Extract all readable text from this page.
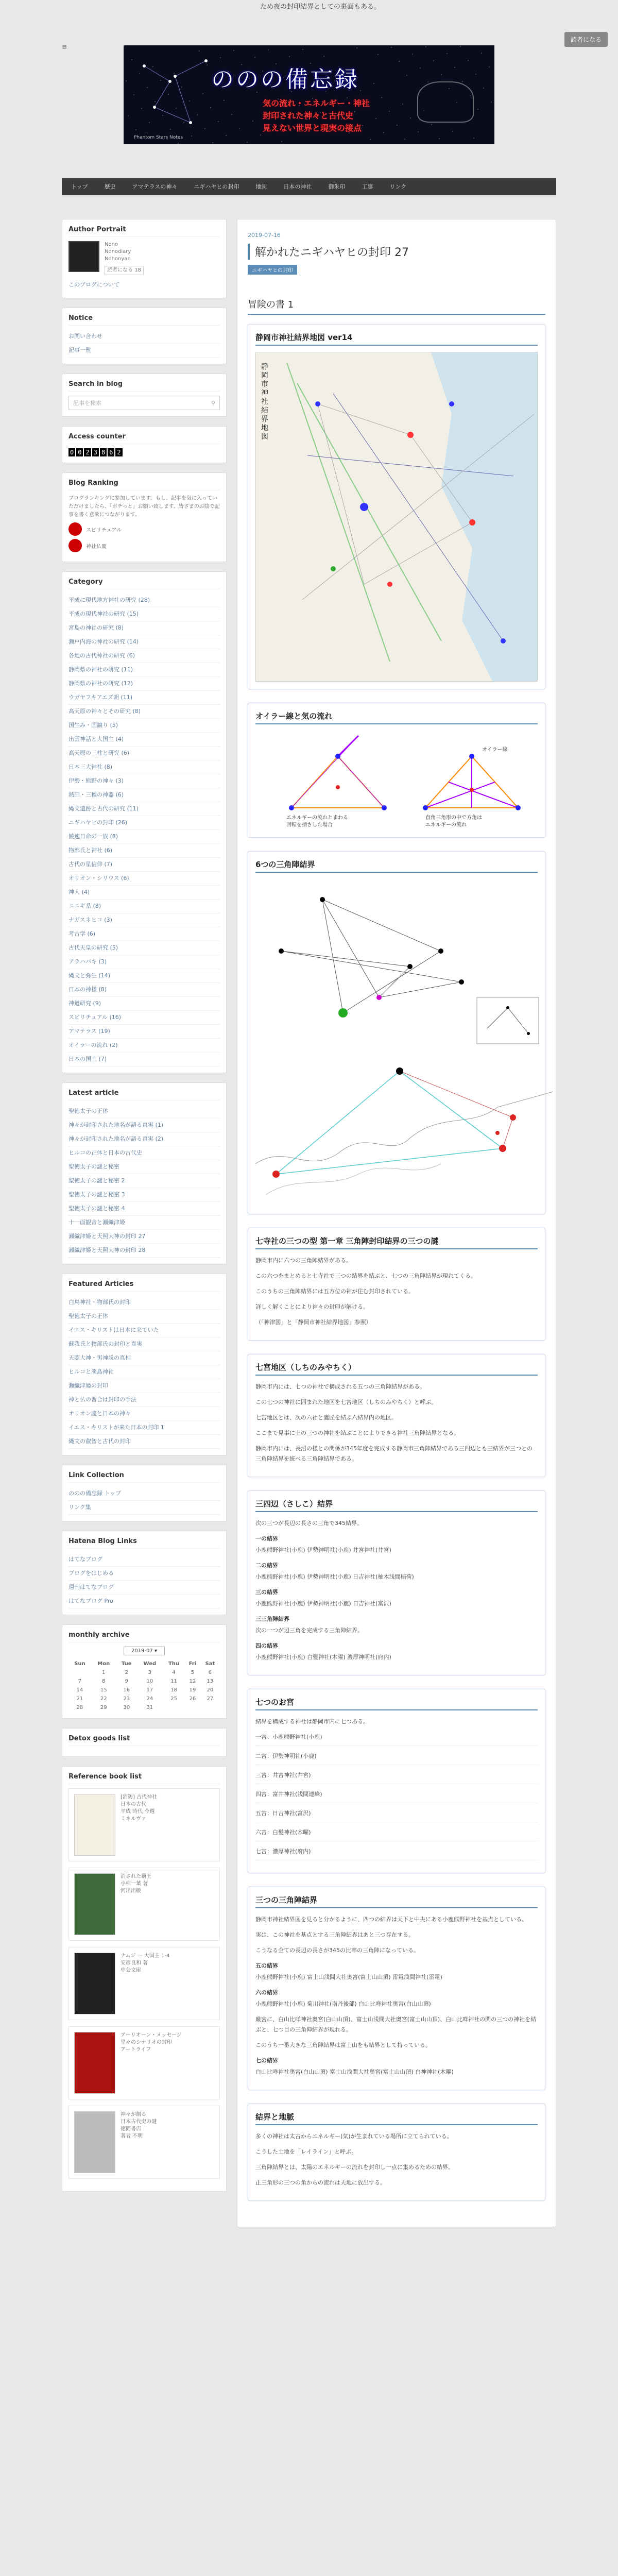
ため夜の封印結界としての裏面もある。
≡
読者になる
ののの備忘録
気の流れ・エネルギー・神社
封印された神々と古代史
見えない世界と現実の接点
Phantom Stars Notes
トップ	歴史	アマテラスの神々	ニギハヤヒの封印	地図	日本の神社	御朱印	工事	リンク
Author Portrait
Nono
Nonodiary
Nohonyan
読者になる 18
このブログについて
Notice
お問い合わせ
記事一覧
Search in blog
記事を検索	⚲
Access counter
0 0 2 3 8 6 2
Blog Ranking
ブログランキングに参加しています。もし、記事を気に入っていただけましたら、「ポチっと」お願い致します。皆さまのお陰で記事を書く意欲につながります。
スピリチュアル
神社仏閣
Category
平成に現代地方神社の研究 (28)
平成の現代神社の研究 (15)
宮島の神社の研究 (8)
瀬戸内海の神社の研究 (14)
各地の古代神社の研究 (6)
静岡県の神社の研究 (11)
静岡県の神社の研究 (12)
ウガヤフキアエズ朝 (11)
高天原の神々とその研究 (8)
国生み・国譲り (5)
出雲神話と大国主 (4)
高天原の三柱と研究 (6)
日本三大神社 (8)
伊勢・熊野の神々 (3)
熱田・三種の神器 (6)
縄文遺跡と古代の研究 (11)
ニギハヤヒの封印 (26)
饒速日命の一族 (8)
物部氏と神社 (6)
古代の星信仰 (7)
オリオン・シリウス (6)
神人 (4)
ニニギ系 (8)
ナガスネヒコ (3)
考古学 (6)
古代天皇の研究 (5)
アラハバキ (3)
縄文と弥生 (14)
日本の神様 (8)
神道研究 (9)
スピリチュアル (16)
アマテラス (19)
オイラーの流れ (2)
日本の国土 (7)
Latest article
聖徳太子の正体
神々が封印された地名が語る真実 (1)
神々が封印された地名が語る真実 (2)
ヒルコの正体と日本の古代史
聖徳太子の謎と秘密
聖徳太子の謎と秘密 2
聖徳太子の謎と秘密 3
聖徳太子の謎と秘密 4
十一面観音と瀬織津姫
瀬織津姫と天照大神の封印 27
瀬織津姫と天照大神の封印 28
Featured Articles
白鳥神社・物部氏の封印
聖徳太子の正体
イエス・キリストは日本に来ていた
蘇我氏と物部氏の封印と真実
天照大神・男神説の真相
ヒルコと淡島神社
瀬織津姫の封印
神と仏の習合は封印の手法
オリオン座と日本の神々
イエス・キリストが来た日本の封印 1
縄文の叡智と古代の封印
Link Collection
ののの備忘録 トップ
リンク集
Hatena Blog Links
はてなブログ
ブログをはじめる
週刊はてなブログ
はてなブログ Pro
monthly archive
2019-07 ▾
Sun	Mon	Tue	Wed	Thu	Fri	Sat
	1	2	3	4	5	6
7	8	9	10	11	12	13
14	15	16	17	18	19	20
21	22	23	24	25	26	27
28	29	30	31			
Detox goods list
Reference book list
[消防] 古代神社
日本の古代
平成 時代 今週
ミネルヴァ
消された覇王
小椋一葉 著
河出出版
ナムジ ― 大国主 1-4
安彦良和 著
中公文庫
アーリオーン・メッセージ
星々のシナリオの封印
アートライフ
神々が創る
日本古代史の謎
徳間書店
著者 不明
2019-07-16
解かれたニギハヤヒの封印 27
ニギハヤヒの封印
冒険の書 1
静岡市神社結界地図 ver14
静
岡
市
神
社
結
界
地
図
オイラー線と気の流れ
オイラー線
エネルギーの流れとまわる
回転を指さした場合
直角三角形の中で方角は
エネルギーの流れ
6つの三角陣結界

七寺社の三つの型 第一章 三角陣封印結界の三つの謎

静岡市内に六つの三角陣結界がある。

この六つをまとめると七寺社で三つの結界を結ぶと、七つの三角陣結界が現れてくる。

このうちの三角陣結界には五方位の神が住む封印されている。

詳しく解くことにより神々の封印が解ける。

（「神津図」と「静岡市神社結界地図」参照）

七宮地区（しちのみやちく）

静岡市内には、七つの神社で構成される五つの三角陣結界がある。

この七つの神社に囲まれた地区を七宮地区（しちのみやちく）と呼ぶ。

七宮地区とは、次の六社と鷹匠を結ぶ六結界内の地区。

ここまで見事に上の三つの神社を結ぶことによりできる神社三角陣結界となる。

静岡市内には、長沼の様との関係が345年度を完成する静岡市三角陣結界である三四辺とも三結界が三つとの三角陣結界を統べる三角陣結界である。

三四辺（さしこ）結界

次の三つが長辺の長さの三角で345結界。

一の結界

小鹿熊野神社(小鹿) 伊勢神明社(小鹿) 井宮神社(井宮)

二の結界

小鹿熊野神社(小鹿) 伊勢神明社(小鹿) 日吉神社(柚木浅間稲荷)

三の結界

小鹿熊野神社(小鹿) 伊勢神明社(小鹿) 日吉神社(富沢)

三三角陣結界

次の一つが辺三角を完成する三角陣結界。

四の結界

小鹿熊野神社(小鹿) 白髪神社(木曜) 濃厚神明社(府内)

七つのお宮

結界を構成する神社は静岡市内に七つある。

一宮：小鹿熊野神社(小鹿)

二宮：伊勢神明社(小鹿)

三宮：井宮神社(井宮)

四宮：富井神社(浅間連峰)

五宮：日吉神社(富沢)

六宮：白髪神社(木曜)

七宮：濃厚神社(府内)

三つの三角陣結界

静岡市神社結界図を見ると分かるように、四つの結界は天下と中央にある小鹿熊野神社を基点としている。

実は、この神社を基点とする三角陣結界はあと三つ存在する。

こうなる全ての長辺の長さが345の比率の三角陣になっている。

五の結界

小鹿熊野神社(小鹿) 富士山浅間大社奥宮(富士山山頂) 雷電浅間神社(雷電)

六の結界

小鹿熊野神社(小鹿) 菊川神社(南丹後部) 白山比咩神社奥宮(白山山頂)

厳密に、白山比咩神社奥宮(白山山頂)、富士山浅間大社奥宮(富士山山頂)、白山比咩神社の間の三つの神社を結ぶと、七つ目の三角陣結界が現れる。

このうち一番大きな三角陣結界は富士山をも結界として持っている。

七の結界

白山比咩神社奥宮(白山山頂) 富士山浅間大社奥宮(富士山山頂) 白神神社(木曜)

結界と地脈

多くの神社は太古からエネルギー(気)が生まれている場所に立てられている。

こうした土地を「レイライン」と呼ぶ。

三角陣結界とは、太陽のエネルギーの流れを封印し一点に集めるための結界。

正三角形の三つの角からの流れは天地に放出する。
